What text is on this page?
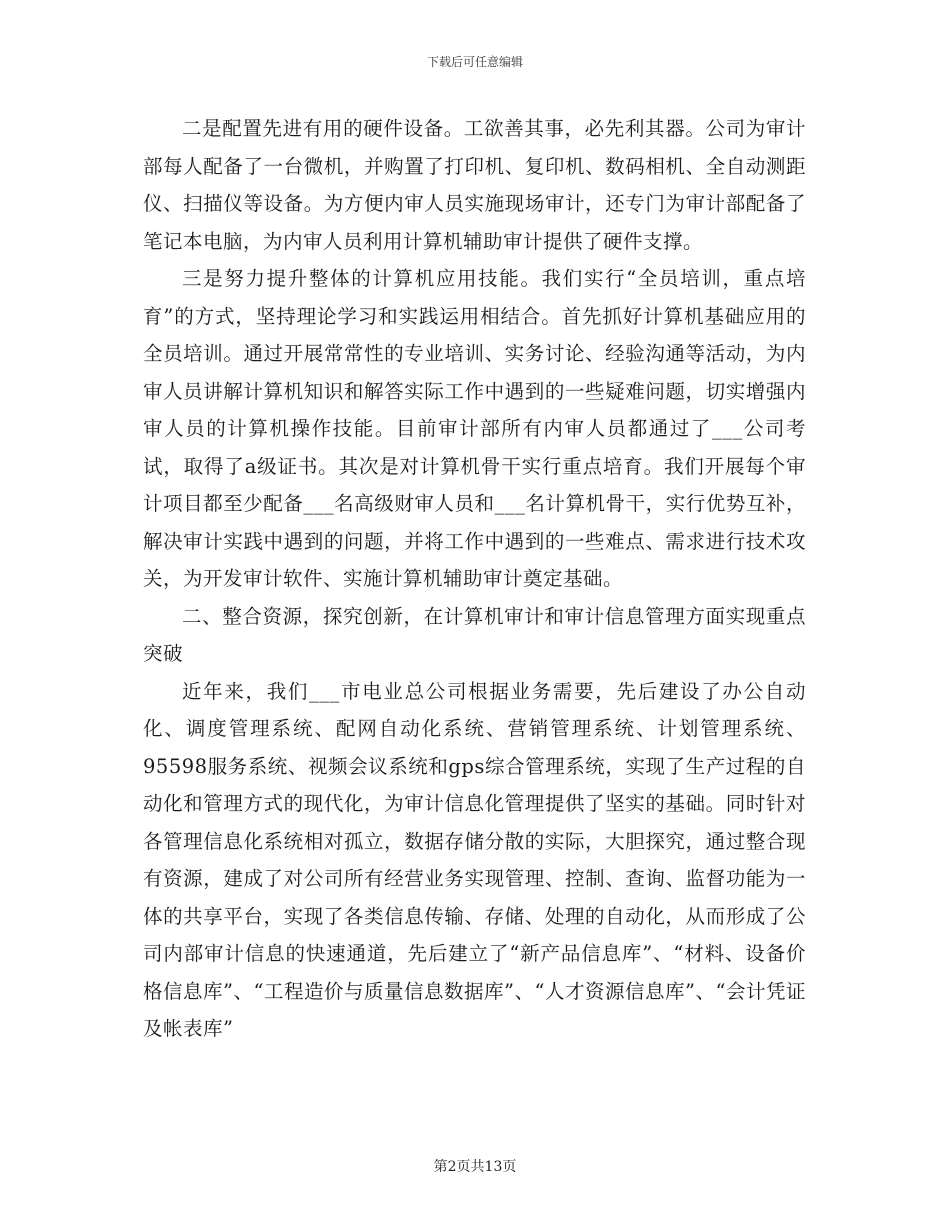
下载后可任意编辑

二是配置先进有用的硬件设备。工欲善其事，必先利其器。公司为审计部每人配备了一台微机，并购置了打印机、复印机、数码相机、全自动测距仪、扫描仪等设备。为方便内审人员实施现场审计，还专门为审计部配备了笔记本电脑，为内审人员利用计算机辅助审计提供了硬件支撑。

三是努力提升整体的计算机应用技能。我们实行“全员培训，重点培育”的方式，坚持理论学习和实践运用相结合。首先抓好计算机基础应用的全员培训。通过开展常常性的专业培训、实务讨论、经验沟通等活动，为内审人员讲解计算机知识和解答实际工作中遇到的一些疑难问题，切实增强内审人员的计算机操作技能。目前审计部所有内审人员都通过了___公司考试，取得了a级证书。其次是对计算机骨干实行重点培育。我们开展每个审计项目都至少配备___名高级财审人员和___名计算机骨干，实行优势互补，解决审计实践中遇到的问题，并将工作中遇到的一些难点、需求进行技术攻关，为开发审计软件、实施计算机辅助审计奠定基础。

二、整合资源，探究创新，在计算机审计和审计信息管理方面实现重点突破

近年来，我们___市电业总公司根据业务需要，先后建设了办公自动化、调度管理系统、配网自动化系统、营销管理系统、计划管理系统、95598服务系统、视频会议系统和gps综合管理系统，实现了生产过程的自动化和管理方式的现代化，为审计信息化管理提供了坚实的基础。同时针对各管理信息化系统相对孤立，数据存储分散的实际，大胆探究，通过整合现有资源，建成了对公司所有经营业务实现管理、控制、查询、监督功能为一体的共享平台，实现了各类信息传输、存储、处理的自动化，从而形成了公司内部审计信息的快速通道，先后建立了“新产品信息库”、“材料、设备价格信息库”、“工程造价与质量信息数据库”、“人才资源信息库”、“会计凭证及帐表库”

第2页共13页
